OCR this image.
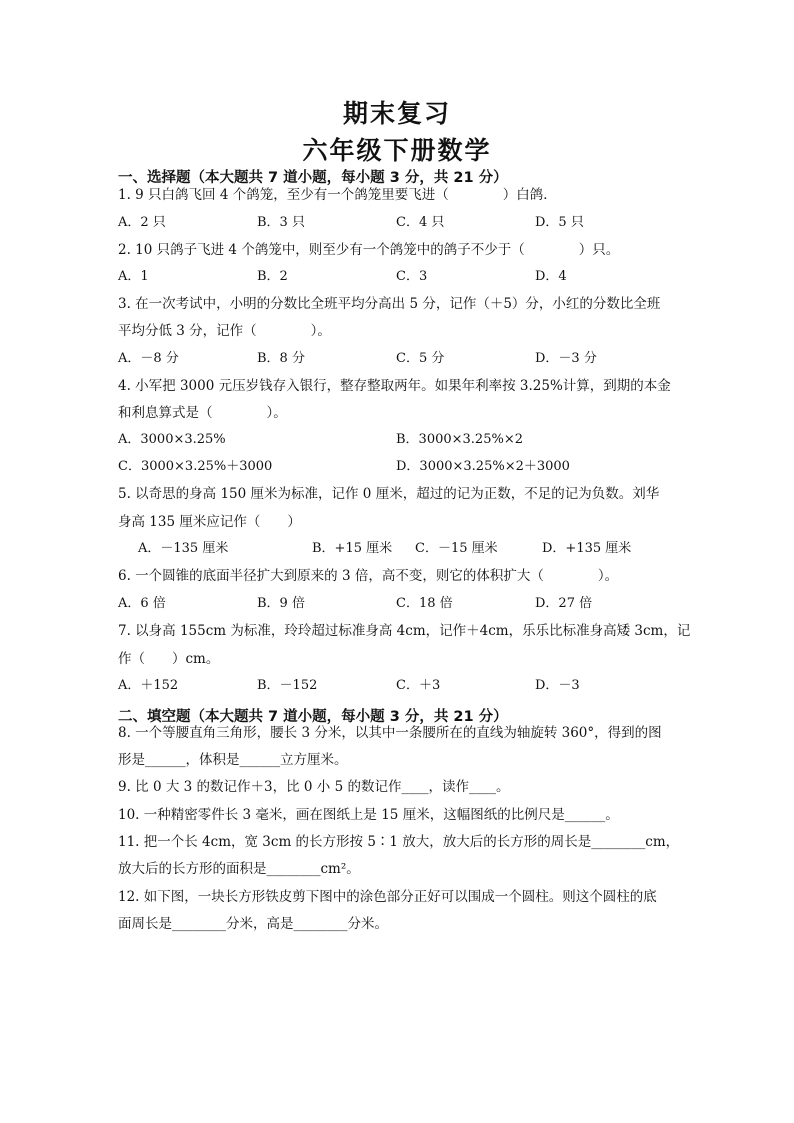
期末复习
六年级下册数学
一、选择题（本大题共 7 道小题，每小题 3 分，共 21 分）
1. 9 只白鸽飞回 4 个鸽笼，至少有一个鸽笼里要飞进（　　　　）白鸽．
A．2 只	B．3 只	C．4 只	D．5 只
2. 10 只鸽子飞进 4 个鸽笼中，则至少有一个鸽笼中的鸽子不少于（　　　　）只。
A．1	B．2	C．3	D．4
3. 在一次考试中，小明的分数比全班平均分高出 5 分，记作（＋5）分，小红的分数比全班
平均分低 3 分，记作（　　　　）。
A．－8 分	B．8 分	C．5 分	D．－3 分
4. 小军把 3000 元压岁钱存入银行，整存整取两年。如果年利率按 3.25%计算，到期的本金
和利息算式是（　　　　）。
A．3000×3.25%	B．3000×3.25%×2
C．3000×3.25%＋3000	D．3000×3.25%×2＋3000
5. 以奇思的身高 150 厘米为标准，记作 0 厘米，超过的记为正数，不足的记为负数。刘华
身高 135 厘米应记作（　　）
A．－135 厘米	B．+15 厘米 C．－15 厘米	D．+135 厘米
6. 一个圆锥的底面半径扩大到原来的 3 倍，高不变，则它的体积扩大（　　　　）。
A．6 倍	B．9 倍	C．18 倍	D．27 倍
7. 以身高 155cm 为标准，玲玲超过标准身高 4cm，记作＋4cm，乐乐比标准身高矮 3cm，记
作（　　）cm。
A．＋152	B．－152	C．＋3	D．－3
二、填空题（本大题共 7 道小题，每小题 3 分，共 21 分）
8. 一个等腰直角三角形，腰长 3 分米，以其中一条腰所在的直线为轴旋转 360°，得到的图
形是______，体积是______立方厘米。
9. 比 0 大 3 的数记作＋3，比 0 小 5 的数记作____，读作____。
10. 一种精密零件长 3 毫米，画在图纸上是 15 厘米，这幅图纸的比例尺是______。
11. 把一个长 4cm，宽 3cm 的长方形按 5∶1 放大，放大后的长方形的周长是________cm，
放大后的长方形的面积是________cm²。
12. 如下图，一块长方形铁皮剪下图中的涂色部分正好可以围成一个圆柱。则这个圆柱的底
面周长是________分米，高是________分米。
